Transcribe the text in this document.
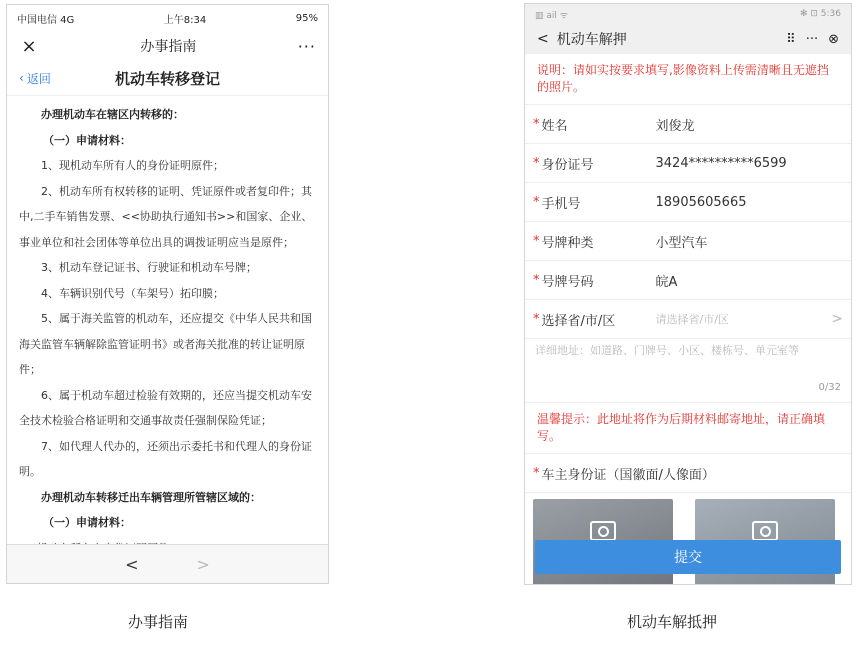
中国电信 4G	上午8:34	95%
×	办事指南	···
‹ 返回	机动车转移登记

办理机动车在辖区内转移的：

（一）申请材料：

1、现机动车所有人的身份证明原件；

2、机动车所有权转移的证明、凭证原件或者复印件；其中,二手车销售发票、<<协助执行通知书>>和国家、企业、事业单位和社会团体等单位出具的调拨证明应当是原件；

3、机动车登记证书、行驶证和机动车号牌；

4、车辆识别代号（车架号）拓印膜；

5、属于海关监管的机动车，还应提交《中华人民共和国海关监管车辆解除监管证明书》或者海关批准的转让证明原件；

6、属于机动车超过检验有效期的，还应当提交机动车安全技术检验合格证明和交通事故责任强制保险凭证；

7、如代理人代办的，还须出示委托书和代理人的身份证明。

办理机动车转移迁出车辆管理所管辖区域的：

（一）申请材料：

<	>
▥ ail ᯤ	✻ ⊡ 5:36
< 机动车解押	⠿ ··· ⊗
说明：请如实按要求填写,影像资料上传需清晰且无遮挡的照片。
* 姓名	刘俊龙
* 身份证号	3424**********6599
* 手机号	18905605665
* 号牌种类	小型汽车
* 号牌号码	皖A
* 选择省/市/区	请选择省/市/区	>
详细地址：如道路、门牌号、小区、楼栋号、单元室等
0/32
温馨提示：此地址将作为后期材料邮寄地址，请正确填写。
* 车主身份证（国徽面/人像面）
提交
办事指南	机动车解抵押
